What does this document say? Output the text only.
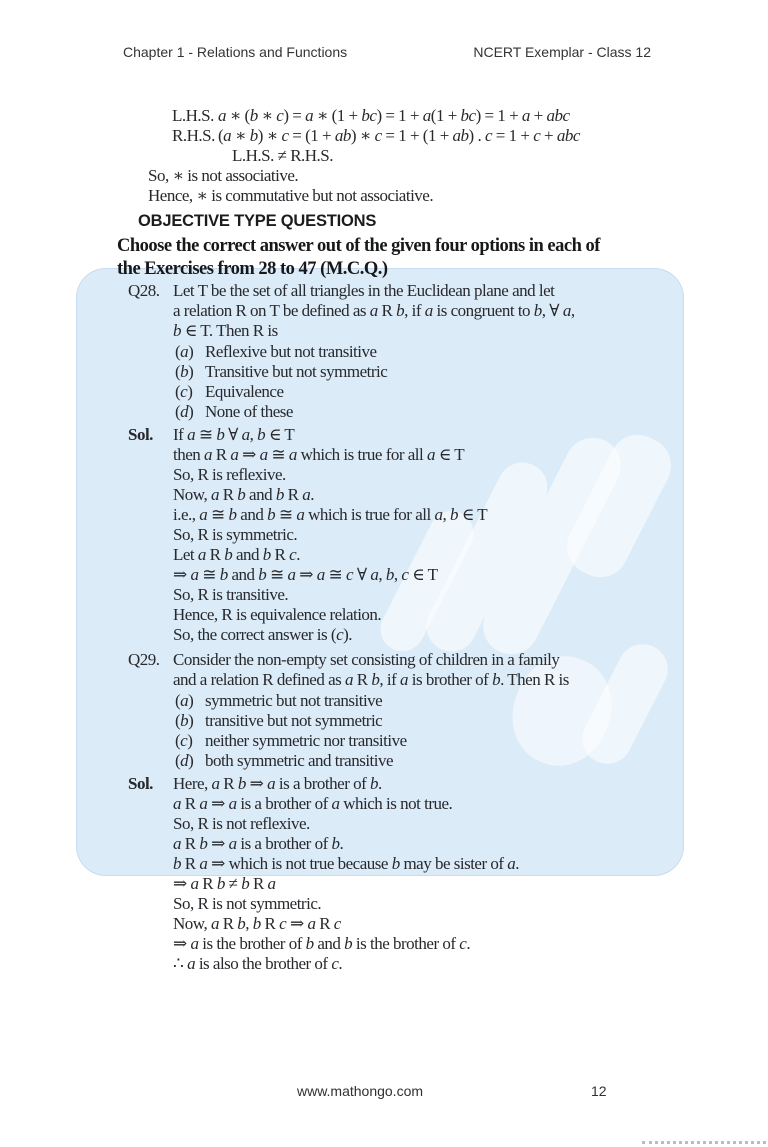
Chapter 1 - Relations and Functions	NCERT Exemplar - Class 12
L.H.S. a ∗ (b ∗ c) = a ∗ (1 + bc) = 1 + a(1 + bc) = 1 + a + abc
R.H.S. (a ∗ b) ∗ c = (1 + ab) ∗ c = 1 + (1 + ab) . c = 1 + c + abc
L.H.S. ≠ R.H.S.
So, ∗ is not associative.
Hence, ∗ is commutative but not associative.
OBJECTIVE TYPE QUESTIONS
Choose the correct answer out of the given four options in each of
the Exercises from 28 to 47 (M.C.Q.)
Q28. Let T be the set of all triangles in the Euclidean plane and let
a relation R on T be defined as a R b, if a is congruent to b, ∀ a,
b ∈ T. Then R is
(a) Reflexive but not transitive
(b) Transitive but not symmetric
(c) Equivalence
(d) None of these
Sol.	If a ≅ b ∀ a, b ∈ T
then a R a ⇒ a ≅ a which is true for all a ∈ T
So, R is reflexive.
Now, a R b and b R a.
i.e., a ≅ b and b ≅ a which is true for all a, b ∈ T
So, R is symmetric.
Let a R b and b R c.
⇒ a ≅ b and b ≅ a ⇒ a ≅ c ∀ a, b, c ∈ T
So, R is transitive.
Hence, R is equivalence relation.
So, the correct answer is (c).
Q29. Consider the non-empty set consisting of children in a family
and a relation R defined as a R b, if a is brother of b. Then R is
(a) symmetric but not transitive
(b) transitive but not symmetric
(c) neither symmetric nor transitive
(d) both symmetric and transitive
Sol.	Here, a R b ⇒ a is a brother of b.
a R a ⇒ a is a brother of a which is not true.
So, R is not reflexive.
a R b ⇒ a is a brother of b.
b R a ⇒ which is not true because b may be sister of a.
⇒ a R b ≠ b R a
So, R is not symmetric.
Now, a R b, b R c ⇒ a R c
⇒ a is the brother of b and b is the brother of c.
∴ a is also the brother of c.
www.mathongo.com	12
